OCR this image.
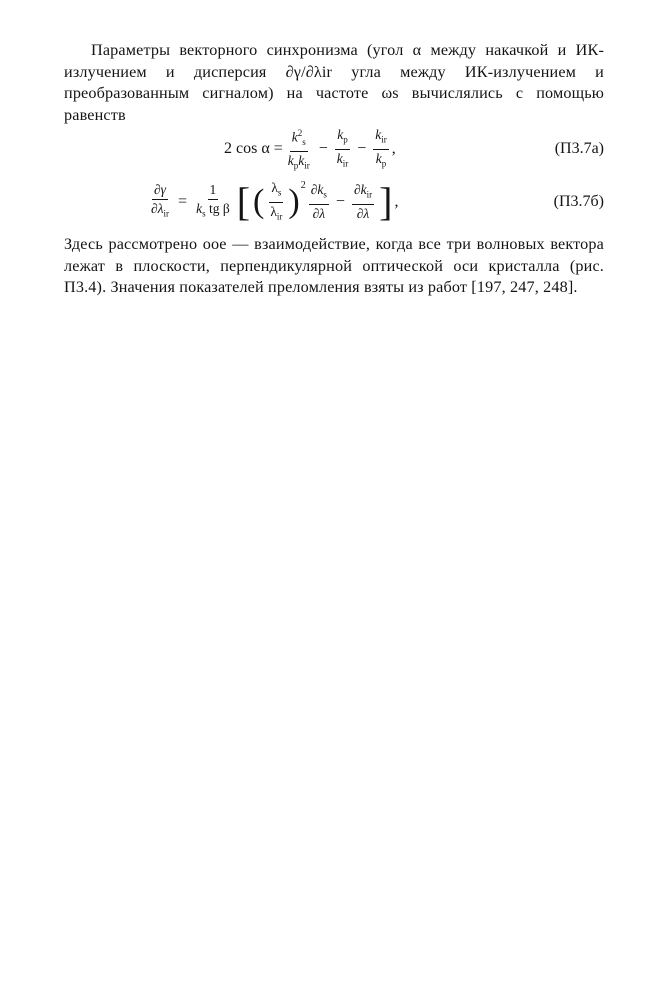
Параметры векторного синхронизма (угол α между накачкой и ИК-излучением и дисперсия ∂γ/∂λir угла между ИК-излучением и преобразованным сигналом) на частоте ωs вычислялись с помощью равенств

2 $\cos \alpha = \frac{k^2_s}{k_pk_{ir}} - \frac{k_p}{k_{ir}} - \frac{k_{ir}}{k_p}$ ,	(П3.7а)
$\frac{\partial\gamma}{\partial\lambda_{ir}} = \frac{1}{k_s tg \beta}$ [ ( $\frac{\lambda_s}{\lambda_{ir}} )^2 \frac{\partial k_s}{\partial\lambda} - \frac{\partial k_{ir}}{\partial\lambda}$ ] ,	(П3.7б)

Здесь рассмотрено ооe — взаимодействие, когда все три волновых вектора лежат в плоскости, перпендикулярной оптической оси кристалла (рис. П3.4). Значения показателей преломления взяты из работ [197, 247, 248].
